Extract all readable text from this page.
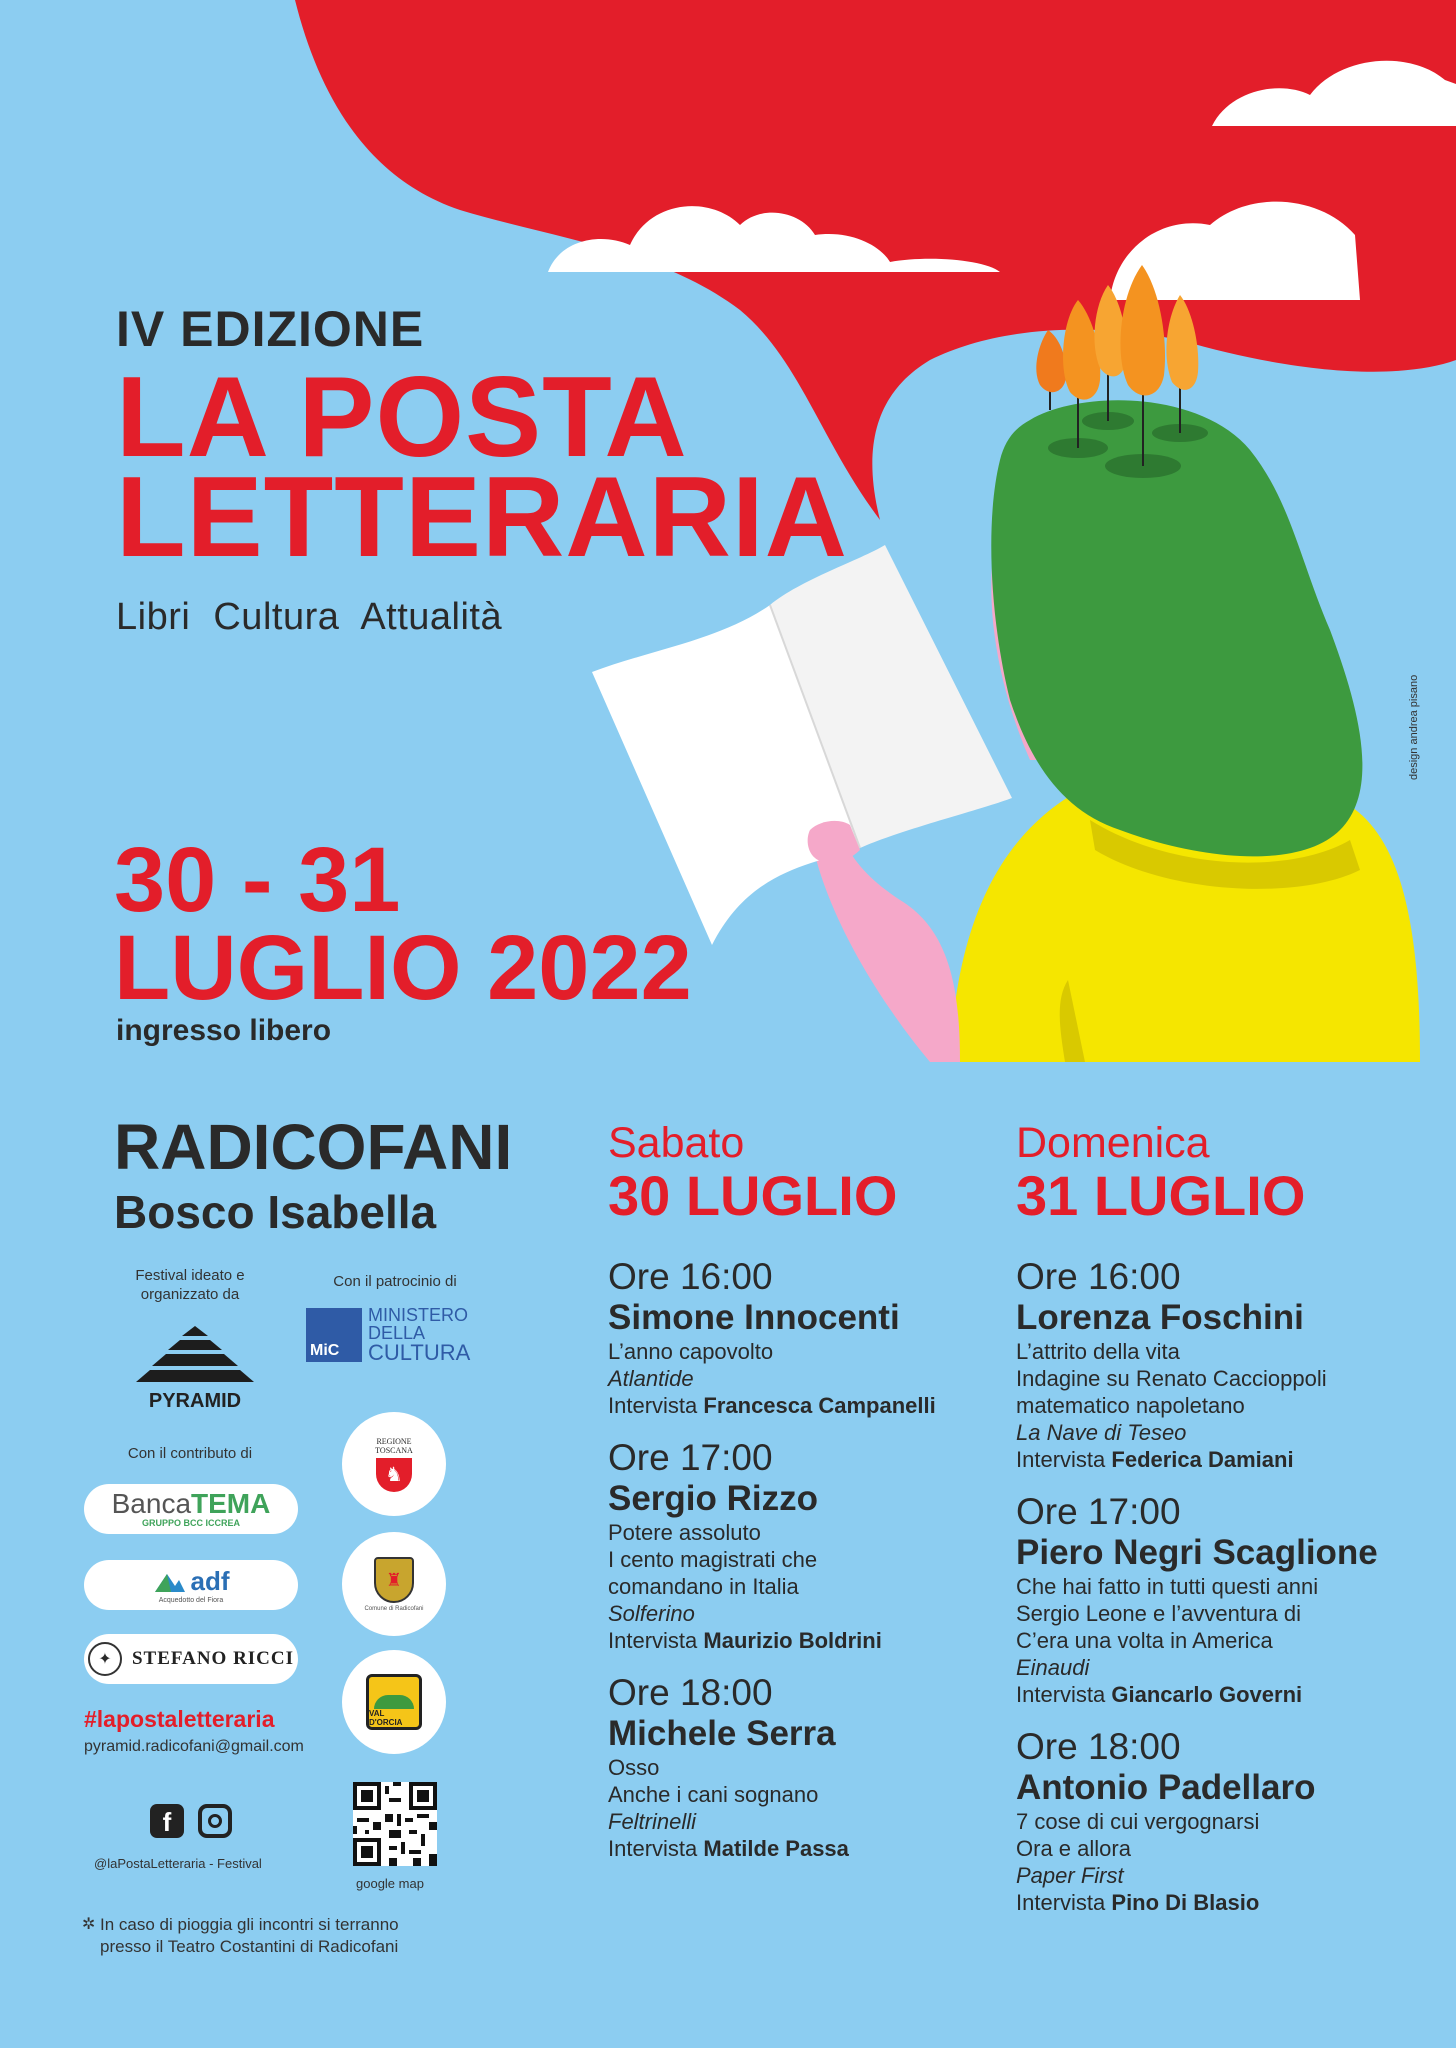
IV EDIZIONE
LA POSTA
LETTERARIA
Libri Cultura Attualità
30 - 31
LUGLIO 2022
ingresso libero
design andrea pisano
RADICOFANI
Bosco Isabella
Festival ideato e
organizzato da
PYRAMID
Con il patrocinio di
MiC
MINISTERO
DELLA
CULTURA
Con il contributo di
BancaTEMA
GRUPPO BCC ICCREA
adf
Acquedotto del Fiora
✦	STEFANO RICCI
REGIONE TOSCANA
♞
♜
Comune di Radicofani
VAL D'ORCIA
#lapostaletteraria
pyramid.radicofani@gmail.com
f
@laPostaLetteraria - Festival
google map
✲ In caso di pioggia gli incontri si terranno
presso il Teatro Costantini di Radicofani
Sabato
30 LUGLIO
Ore 16:00
Simone Innocenti
L’anno capovolto
Atlantide
Intervista Francesca Campanelli
Ore 17:00
Sergio Rizzo
Potere assoluto
I cento magistrati che
comandano in Italia
Solferino
Intervista Maurizio Boldrini
Ore 18:00
Michele Serra
Osso
Anche i cani sognano
Feltrinelli
Intervista Matilde Passa
Domenica
31 LUGLIO
Ore 16:00
Lorenza Foschini
L’attrito della vita
Indagine su Renato Caccioppoli
matematico napoletano
La Nave di Teseo
Intervista Federica Damiani
Ore 17:00
Piero Negri Scaglione
Che hai fatto in tutti questi anni
Sergio Leone e l’avventura di
C’era una volta in America
Einaudi
Intervista Giancarlo Governi
Ore 18:00
Antonio Padellaro
7 cose di cui vergognarsi
Ora e allora
Paper First
Intervista Pino Di Blasio
